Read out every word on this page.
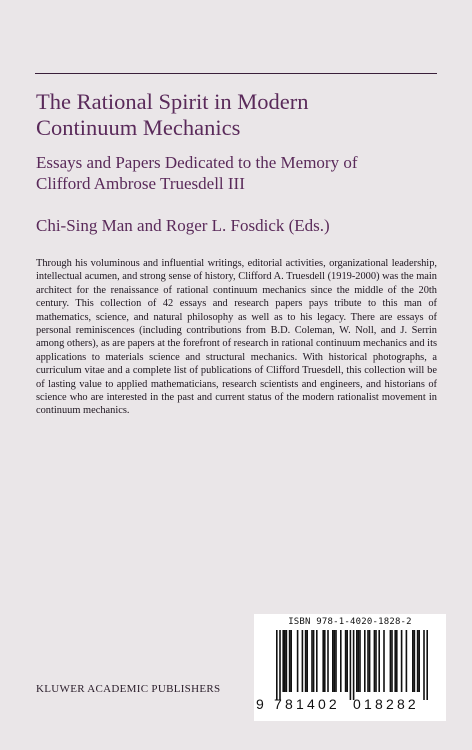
The Rational Spirit in Modern
Continuum Mechanics
Essays and Papers Dedicated to the Memory of
Clifford Ambrose Truesdell III
Chi-Sing Man and Roger L. Fosdick (Eds.)
Through his voluminous and influential writings, editorial activities, organizational leadership, intellectual acumen, and strong sense of history, Clifford A. Truesdell (1919-2000) was the main architect for the renaissance of rational continuum mechanics since the middle of the 20th century. This collection of 42 essays and research papers pays tribute to this man of mathematics, science, and natural philosophy as well as to his legacy. There are essays of personal reminiscences (including contributions from B.D. Coleman, W. Noll, and J. Serrin among others), as are papers at the forefront of research in rational continuum mechanics and its applications to materials science and structural mechanics. With historical photographs, a curriculum vitae and a complete list of publications of Clifford Truesdell, this collection will be of lasting value to applied mathematicians, research scientists and engineers, and historians of science who are interested in the past and current status of the modern rationalist movement in continuum mechanics.
KLUWER ACADEMIC PUBLISHERS
ISBN 978-1-4020-1828-2
9 781402 018282
